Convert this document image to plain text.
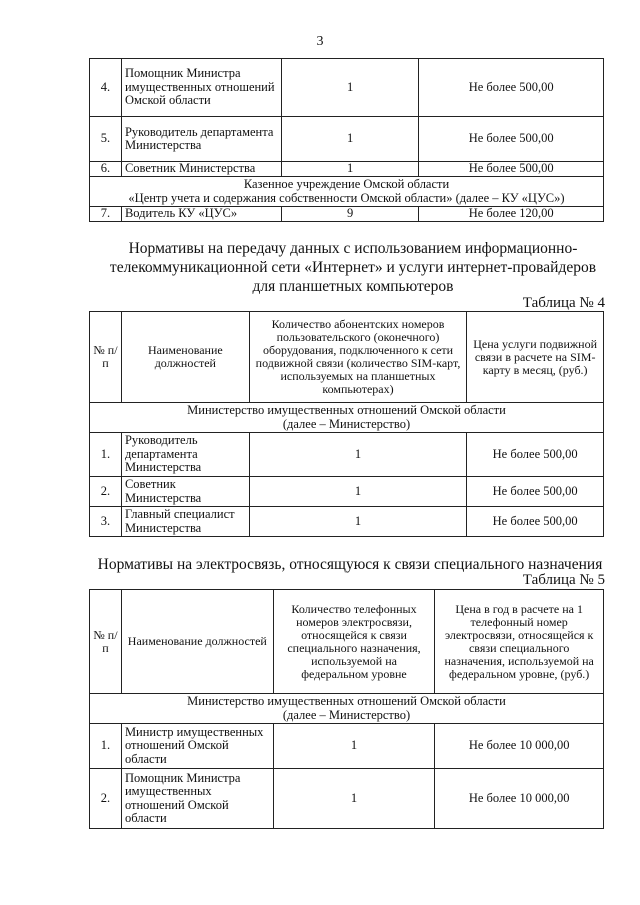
3
4.	Помощник Министра имущественных отношений Омской области	1	Не более 500,00
5.	Руководитель департамента Министерства	1	Не более 500,00
6.	Советник Министерства	1	Не более 500,00

Казенное учреждение Омской области
«Центр учета и содержания собственности Омской области» (далее – КУ «ЦУС»)			

7.	Водитель КУ «ЦУС»	9	Не более 120,00
Нормативы на передачу данных с использованием информационно-телекоммуникационной сети «Интернет» и услуги интернет-провайдеров для планшетных компьютеров
Таблица № 4
№ п/п	Наименование должностей	Количество абонентских номеров пользовательского (оконечного) оборудования, подключенного к сети подвижной связи (количество SIM-карт, используемых на планшетных компьютерах)	Цена услуги подвижной связи в расчете на SIM-карту в месяц, (руб.)

Министерство имущественных отношений Омской области
(далее – Министерство)			

1.	Руководитель департамента Министерства	1	Не более 500,00
2.	Советник Министерства	1	Не более 500,00
3.	Главный специалист Министерства	1	Не более 500,00
Нормативы на электросвязь, относящуюся к связи специального назначения
Таблица № 5
№ п/п	Наименование должностей	Количество телефонных номеров электросвязи, относящейся к связи специального назначения, используемой на федеральном уровне	Цена в год в расчете на 1 телефонный номер электросвязи, относящейся к связи специального назначения, используемой на федеральном уровне, (руб.)

Министерство имущественных отношений Омской области
(далее – Министерство)			

1.	Министр имущественных отношений Омской области	1	Не более 10 000,00
2.	Помощник Министра имущественных отношений Омской области	1	Не более 10 000,00
